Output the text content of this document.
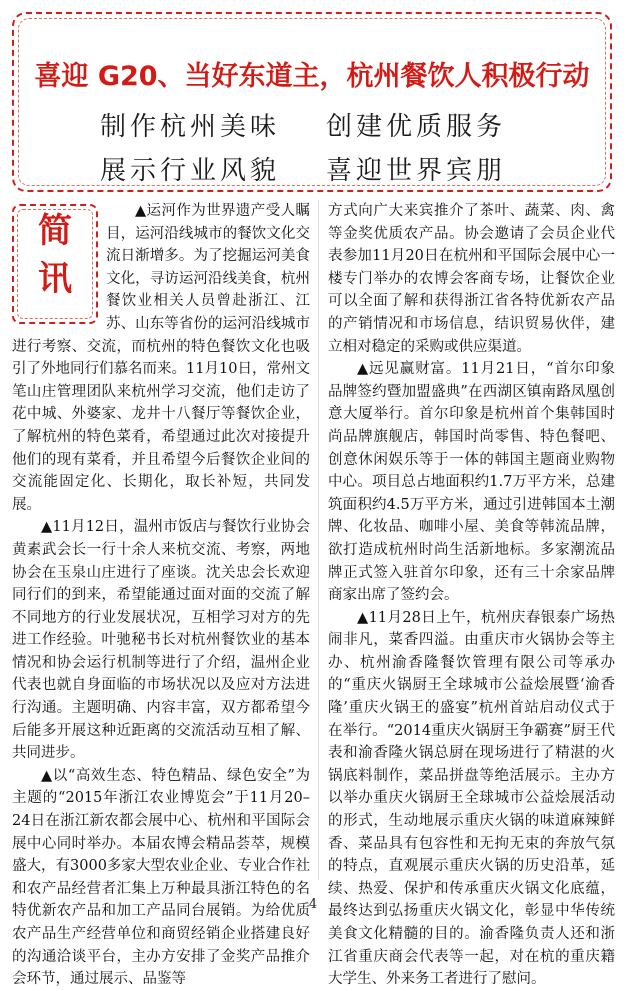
喜迎 G20、当好东道主，杭州餐饮人积极行动
制作杭州美味	创建优质服务
展示行业风貌	喜迎世界宾朋
简
讯

▲运河作为世界遗产受人瞩目，运河沿线城市的餐饮文化交流日渐增多。为了挖掘运河美食文化，寻访运河沿线美食，杭州餐饮业相关人员曾赴浙江、江苏、山东等省份的运河沿线城市进行考察、交流，而杭州的特色餐饮文化也吸引了外地同行们慕名而来。11月10日，常州文笔山庄管理团队来杭州学习交流，他们走访了花中城、外婆家、龙井十八餐厅等餐饮企业，了解杭州的特色菜肴，希望通过此次对接提升他们的现有菜肴，并且希望今后餐饮企业间的交流能固定化、长期化，取长补短，共同发展。

▲11月12日，温州市饭店与餐饮行业协会黄素武会长一行十余人来杭交流、考察，两地协会在玉泉山庄进行了座谈。沈关忠会长欢迎同行们的到来，希望能通过面对面的交流了解不同地方的行业发展状况，互相学习对方的先进工作经验。叶驰秘书长对杭州餐饮业的基本情况和协会运行机制等进行了介绍，温州企业代表也就自身面临的市场状况以及应对方法进行沟通。主题明确、内容丰富，双方都希望今后能多开展这种近距离的交流活动互相了解、共同进步。

▲以“高效生态、特色精品、绿色安全”为主题的“2015年浙江农业博览会”于11月20–24日在浙江新农都会展中心、杭州和平国际会展中心同时举办。本届农博会精品荟萃，规模盛大，有3000多家大型农业企业、专业合作社和农产品经营者汇集上万种最具浙江特色的名特优新农产品和加工产品同台展销。为给优质农产品生产经营单位和商贸经销企业搭建良好的沟通洽谈平台，主办方安排了金奖产品推介会环节，通过展示、品鉴等

方式向广大来宾推介了茶叶、蔬菜、肉、禽等金奖优质农产品。协会邀请了会员企业代表参加11月20日在杭州和平国际会展中心一楼专门举办的农博会客商专场，让餐饮企业可以全面了解和获得浙江省各特优新农产品的产销情况和市场信息，结识贸易伙伴，建立相对稳定的采购或供应渠道。

▲远见赢财富。11月21日，“首尔印象品牌签约暨加盟盛典”在西湖区镇南路凤凰创意大厦举行。首尔印象是杭州首个集韩国时尚品牌旗舰店，韩国时尚零售、特色餐吧、创意休闲娱乐等于一体的韩国主题商业购物中心。项目总占地面积约1.7万平方米，总建筑面积约4.5万平方米，通过引进韩国本土潮牌、化妆品、咖啡小屋、美食等韩流品牌，欲打造成杭州时尚生活新地标。多家潮流品牌正式签入驻首尔印象，还有三十余家品牌商家出席了签约会。

▲11月28日上午，杭州庆春银泰广场热闹非凡，菜香四溢。由重庆市火锅协会等主办、杭州渝香隆餐饮管理有限公司等承办的“重庆火锅厨王全球城市公益烩展暨‘渝香隆’重庆火锅王的盛宴”杭州首站启动仪式于在举行。“2014重庆火锅厨王争霸赛”厨王代表和渝香隆火锅总厨在现场进行了精湛的火锅底料制作，菜品拼盘等绝活展示。主办方以举办重庆火锅厨王全球城市公益烩展活动的形式，生动地展示重庆火锅的味道麻辣鲜香、菜品具有包容性和无拘无束的奔放气氛的特点，直观展示重庆火锅的历史沿革，延续、热爱、保护和传承重庆火锅文化底蕴，最终达到弘扬重庆火锅文化，彰显中华传统美食文化精髓的目的。渝香隆负责人还和浙江省重庆商会代表等一起，对在杭的重庆籍大学生、外来务工者进行了慰问。

4
